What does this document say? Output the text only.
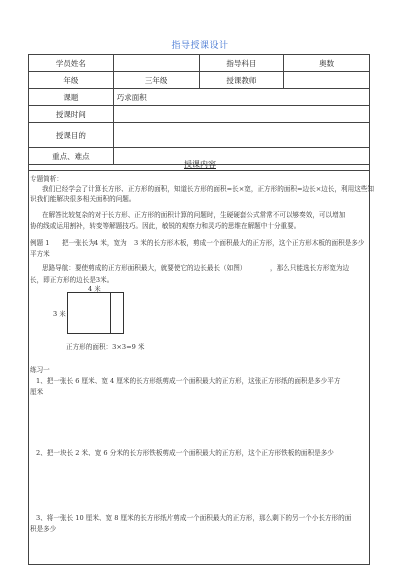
指导授课设计
学员姓名		指导科目	奥数
年级	三年级	授课教师	
课题	巧求面积		
授课时间			
授课目的			
重点、难点			
授课内容
专题简析：
我们已经学会了计算长方形、正方形的面积，知道长方形的面积=长×宽，正方形的面积=边长×边长，利用这些知
识我们能解决很多相关面积的问题。
在解答比较复杂的对于长方形、正方形的面积计算的问题时，生硬硬套公式常常不可以够奏效，可以增加
协的线或运用割补，转变等解题技巧。因此，敏锐的观察力和灵巧的思维在解题中十分重要。
例题 1 把一张长为 4 米，宽为 3 米的长方形木板，剪成一个面积最大的正方形，这个正方形木板的面积是多少
平方米
思路导航：要使剪成的正方形面积最大，就要使它的边长最长（如图）	，那么只能选长方形宽为边
长，即正方形的边长是3米。
4 米
3 米
正方形的面积：3×3=9 米
练习一
1、把一张长 6 厘米、宽 4 厘米的长方形纸剪成一个面积最大的正方形，这张正方形纸的面积是多少平方
厘米
2、把一块长 2 米、宽 6 分米的长方形铁板剪成一个面积最大的正方形，这个正方形铁板的面积是多少
3、将一张长 10 厘米、宽 8 厘米的长方形纸片剪成一个面积最大的正方形，那么剩下的另一个小长方形的面
积是多少
